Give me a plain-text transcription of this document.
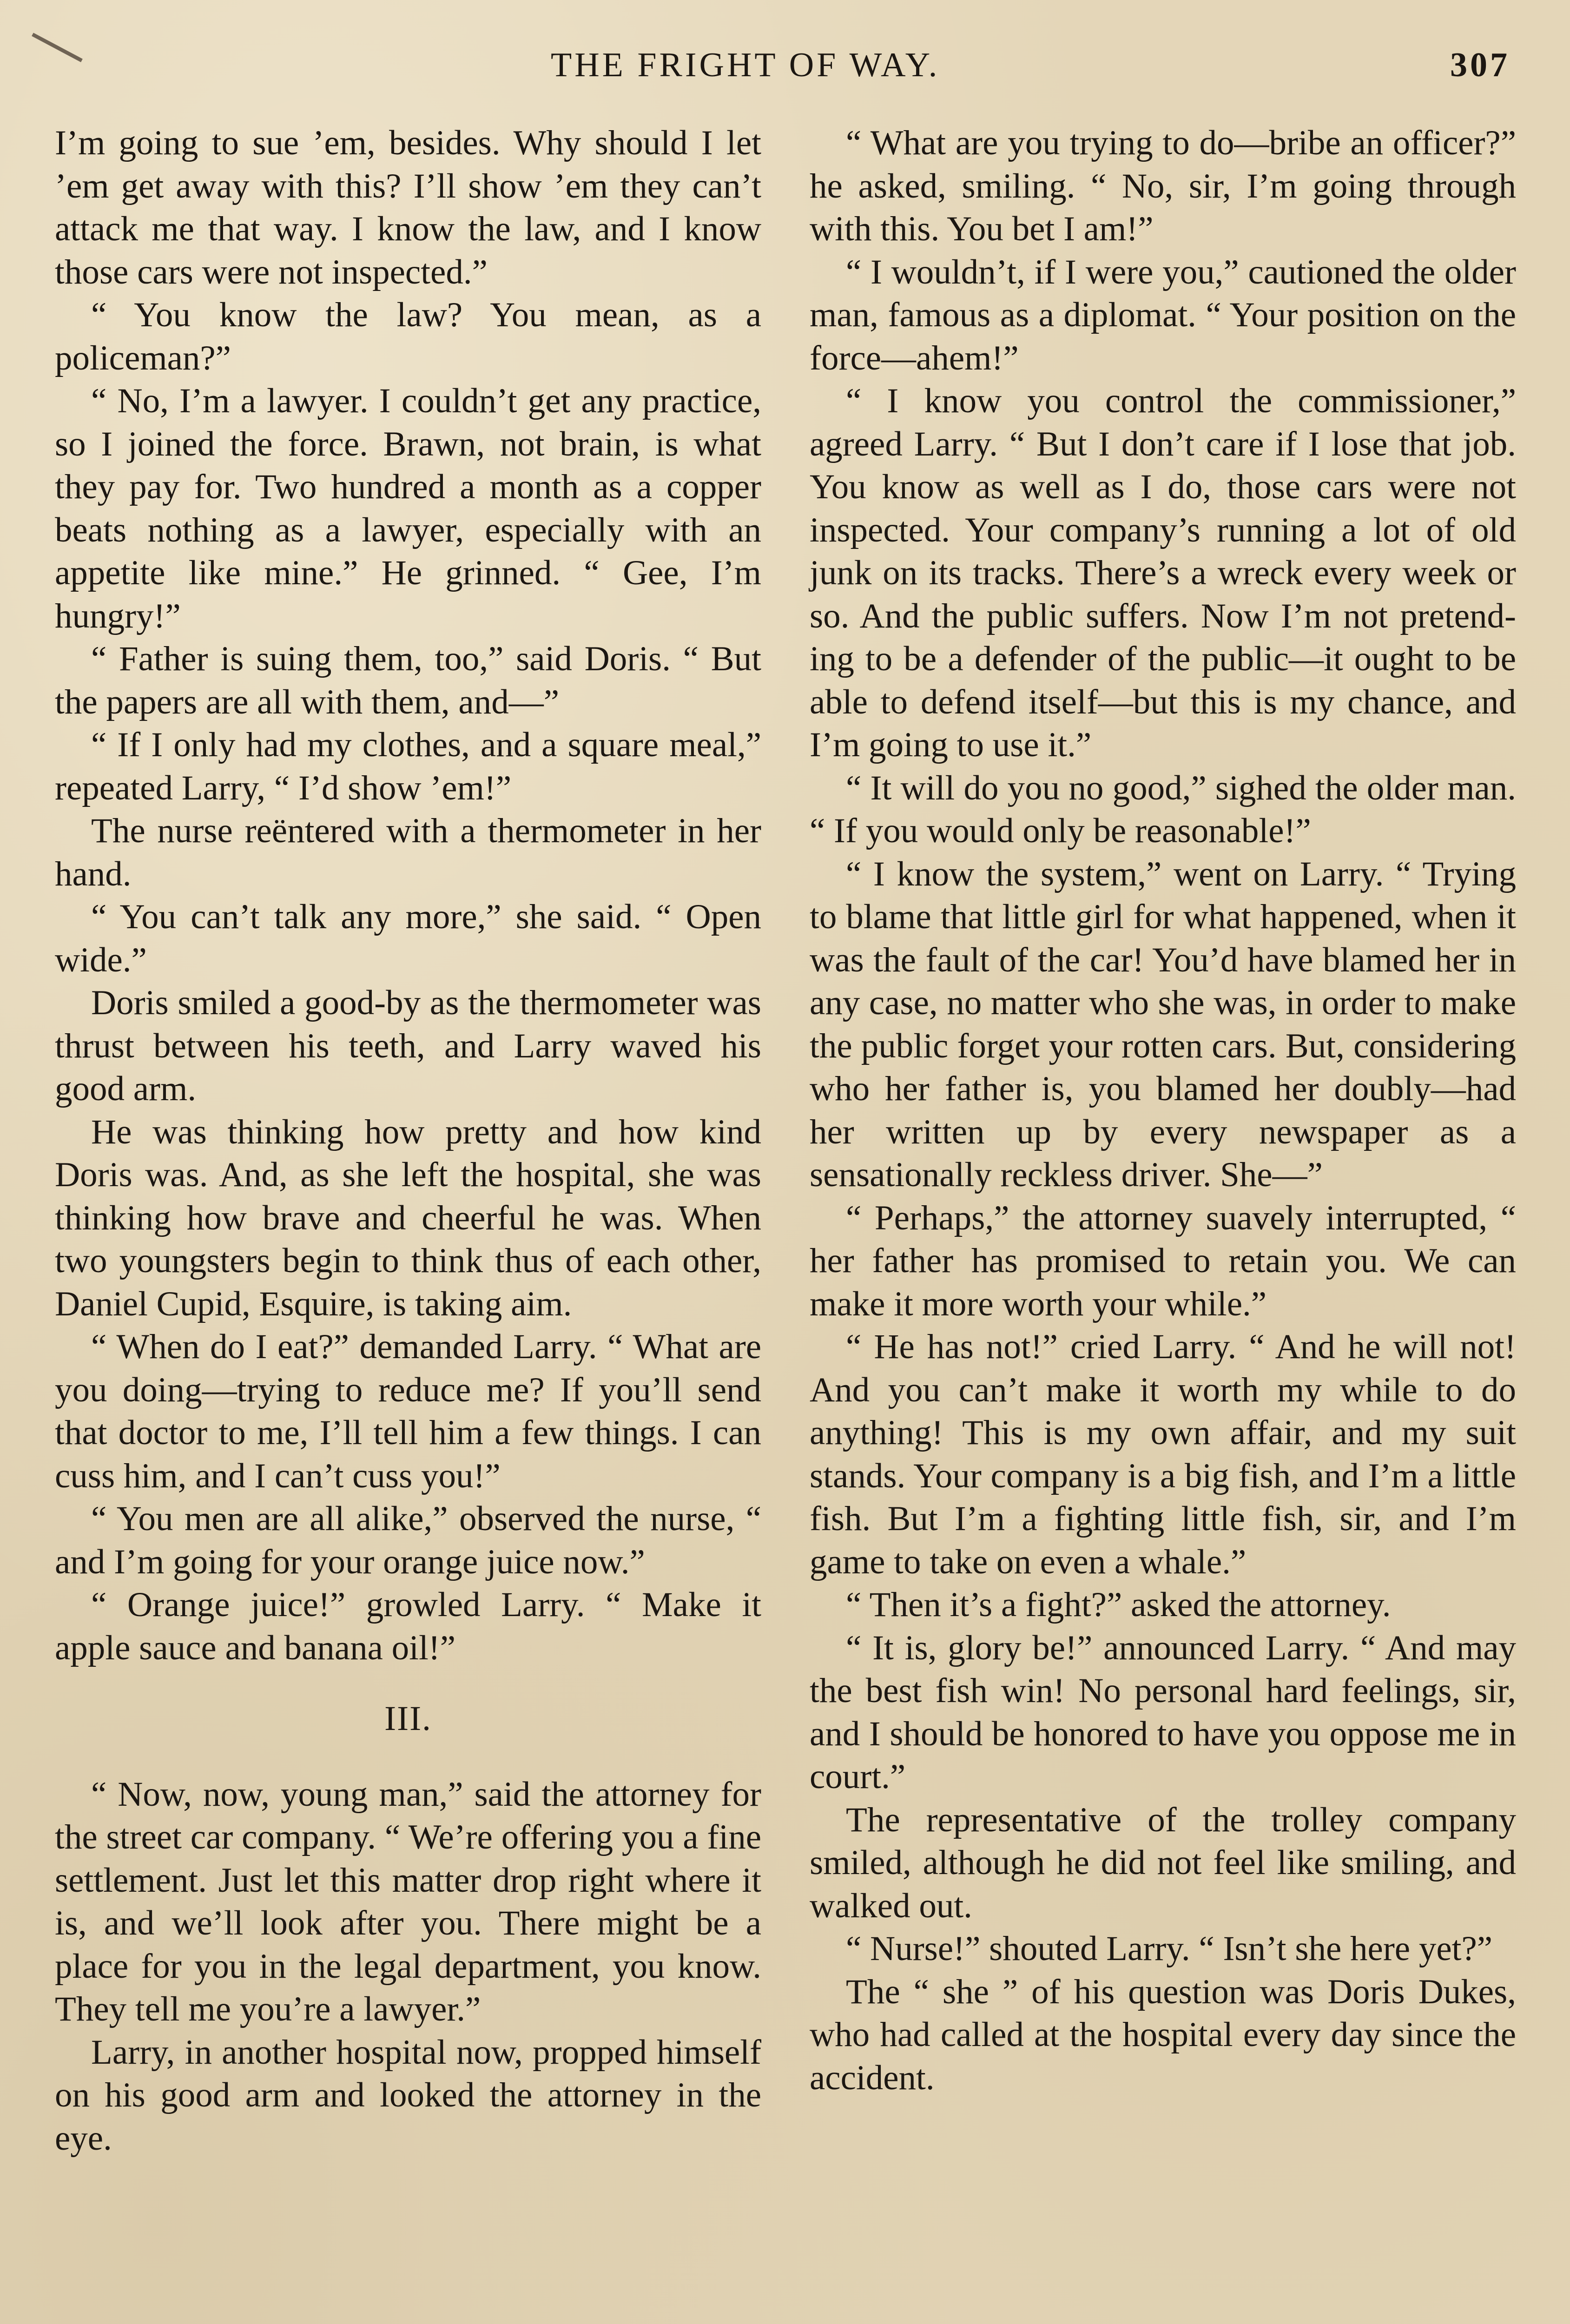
THE FRIGHT OF WAY.	307

I’m going to sue ’em, besides. Why should I let ’em get away with this? I’ll show ’em they can’t attack me that way. I know the law, and I know those cars were not inspected.”

“ You know the law? You mean, as a policeman?”

“ No, I’m a lawyer. I couldn’t get any practice, so I joined the force. Brawn, not brain, is what they pay for. Two hundred a month as a copper beats nothing as a lawyer, especially with an appetite like mine.” He grinned. “ Gee, I’m hungry!”

“ Father is suing them, too,” said Doris. “ But the papers are all with them, and—”

“ If I only had my clothes, and a square meal,” repeated Larry, “ I’d show ’em!”

The nurse reëntered with a thermometer in her hand.

“ You can’t talk any more,” she said. “ Open wide.”

Doris smiled a good-by as the thermometer was thrust between his teeth, and Larry waved his good arm.

He was thinking how pretty and how kind Doris was. And, as she left the hospital, she was thinking how brave and cheerful he was. When two youngsters begin to think thus of each other, Daniel Cupid, Esquire, is taking aim.

“ When do I eat?” demanded Larry. “ What are you doing—trying to reduce me? If you’ll send that doctor to me, I’ll tell him a few things. I can cuss him, and I can’t cuss you!”

“ You men are all alike,” observed the nurse, “ and I’m going for your orange juice now.”

“ Orange juice!” growled Larry. “ Make it apple sauce and banana oil!”

III.

“ Now, now, young man,” said the attorney for the street car company. “ We’re offering you a fine settlement. Just let this matter drop right where it is, and we’ll look after you. There might be a place for you in the legal department, you know. They tell me you’re a lawyer.”

Larry, in another hospital now, propped himself on his good arm and looked the attorney in the eye.

“ What are you trying to do—bribe an officer?” he asked, smiling. “ No, sir, I’m going through with this. You bet I am!”

“ I wouldn’t, if I were you,” cautioned the older man, famous as a diplomat. “ Your position on the force—ahem!”

“ I know you control the commissioner,” agreed Larry. “ But I don’t care if I lose that job. You know as well as I do, those cars were not inspected. Your company’s running a lot of old junk on its tracks. There’s a wreck every week or so. And the public suffers. Now I’m not pretending to be a defender of the public—it ought to be able to defend itself—but this is my chance, and I’m going to use it.”

“ It will do you no good,” sighed the older man. “ If you would only be reasonable!”

“ I know the system,” went on Larry. “ Trying to blame that little girl for what happened, when it was the fault of the car! You’d have blamed her in any case, no matter who she was, in order to make the public forget your rotten cars. But, considering who her father is, you blamed her doubly—had her written up by every newspaper as a sensationally reckless driver. She—”

“ Perhaps,” the attorney suavely interrupted, “ her father has promised to retain you. We can make it more worth your while.”

“ He has not!” cried Larry. “ And he will not! And you can’t make it worth my while to do anything! This is my own affair, and my suit stands. Your company is a big fish, and I’m a little fish. But I’m a fighting little fish, sir, and I’m game to take on even a whale.”

“ Then it’s a fight?” asked the attorney.

“ It is, glory be!” announced Larry. “ And may the best fish win! No personal hard feelings, sir, and I should be honored to have you oppose me in court.”

The representative of the trolley company smiled, although he did not feel like smiling, and walked out.

“ Nurse!” shouted Larry. “ Isn’t she here yet?”

The “ she ” of his question was Doris Dukes, who had called at the hospital every day since the accident.
